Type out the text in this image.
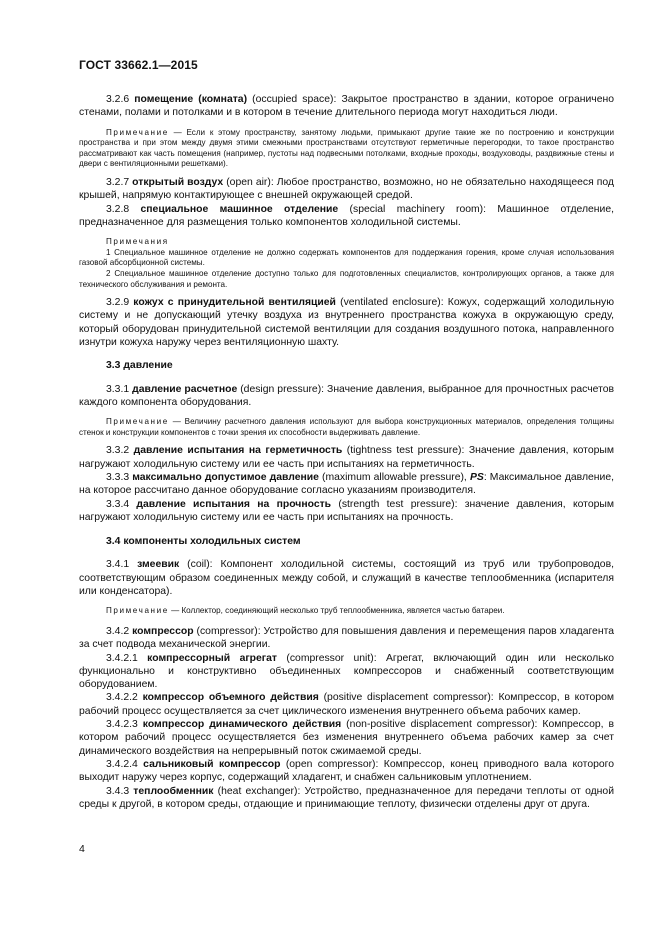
ГОСТ 33662.1—2015

3.2.6 помещение (комната) (occupied space): Закрытое пространство в здании, которое ограничено стенами, полами и потолками и в котором в течение длительного периода могут находиться люди.

Примечание — Если к этому пространству, занятому людьми, примыкают другие такие же по построению и конструкции пространства и при этом между двумя этими смежными пространствами отсутствуют герметичные перегородки, то такое пространство рассматривают как часть помещения (например, пустоты над подвесными потолками, входные проходы, воздуховоды, раздвижные стены и двери с вентиляционными решетками).

3.2.7 открытый воздух (open air): Любое пространство, возможно, но не обязательно находящееся под крышей, напрямую контактирующее с внешней окружающей средой.

3.2.8 специальное машинное отделение (special machinery room): Машинное отделение, предназначенное для размещения только компонентов холодильной системы.

Примечания

1 Специальное машинное отделение не должно содержать компонентов для поддержания горения, кроме случая использования газовой абсорбционной системы.

2 Специальное машинное отделение доступно только для подготовленных специалистов, контролирующих органов, а также для технического обслуживания и ремонта.

3.2.9 кожух с принудительной вентиляцией (ventilated enclosure): Кожух, содержащий холодильную систему и не допускающий утечку воздуха из внутреннего пространства кожуха в окружающую среду, который оборудован принудительной системой вентиляции для создания воздушного потока, направленного изнутри кожуха наружу через вентиляционную шахту.

3.3 давление

3.3.1 давление расчетное (design pressure): Значение давления, выбранное для прочностных расчетов каждого компонента оборудования.

Примечание — Величину расчетного давления используют для выбора конструкционных материалов, определения толщины стенок и конструкции компонентов с точки зрения их способности выдерживать давление.

3.3.2 давление испытания на герметичность (tightness test pressure): Значение давления, которым нагружают холодильную систему или ее часть при испытаниях на герметичность.

3.3.3 максимально допустимое давление (maximum allowable pressure), PS: Максимальное давление, на которое рассчитано данное оборудование согласно указаниям производителя.

3.3.4 давление испытания на прочность (strength test pressure): значение давления, которым нагружают холодильную систему или ее часть при испытаниях на прочность.

3.4 компоненты холодильных систем

3.4.1 змеевик (coil): Компонент холодильной системы, состоящий из труб или трубопроводов, соответствующим образом соединенных между собой, и служащий в качестве теплообменника (испарителя или конденсатора).

Примечание — Коллектор, соединяющий несколько труб теплообменника, является частью батареи.

3.4.2 компрессор (compressor): Устройство для повышения давления и перемещения паров хладагента за счет подвода механической энергии.

3.4.2.1 компрессорный агрегат (compressor unit): Агрегат, включающий один или несколько функционально и конструктивно объединенных компрессоров и снабженный соответствующим оборудованием.

3.4.2.2 компрессор объемного действия (positive displacement compressor): Компрессор, в котором рабочий процесс осуществляется за счет циклического изменения внутреннего объема рабочих камер.

3.4.2.3 компрессор динамического действия (non-positive displacement compressor): Компрессор, в котором рабочий процесс осуществляется без изменения внутреннего объема рабочих камер за счет динамического воздействия на непрерывный поток сжимаемой среды.

3.4.2.4 сальниковый компрессор (open compressor): Компрессор, конец приводного вала которого выходит наружу через корпус, содержащий хладагент, и снабжен сальниковым уплотнением.

3.4.3 теплообменник (heat exchanger): Устройство, предназначенное для передачи теплоты от одной среды к другой, в котором среды, отдающие и принимающие теплоту, физически отделены друг от друга.

4
